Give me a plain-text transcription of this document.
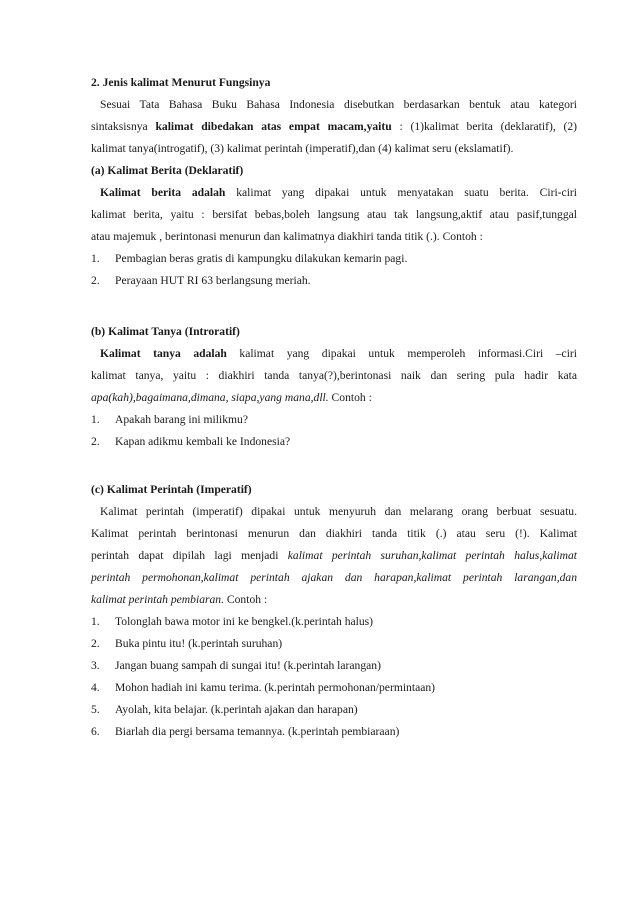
2. Jenis kalimat Menurut Fungsinya
Sesuai Tata Bahasa Buku Bahasa Indonesia disebutkan berdasarkan bentuk atau kategori
sintaksisnya kalimat dibedakan atas empat macam,yaitu : (1)kalimat berita (deklaratif), (2)
kalimat tanya(introgatif), (3) kalimat perintah (imperatif),dan (4) kalimat seru (ekslamatif).
(a) Kalimat Berita (Deklaratif)
Kalimat berita adalah kalimat yang dipakai untuk menyatakan suatu berita. Ciri-ciri
kalimat berita, yaitu : bersifat bebas,boleh langsung atau tak langsung,aktif atau pasif,tunggal
atau majemuk , berintonasi menurun dan kalimatnya diakhiri tanda titik (.). Contoh :
1. Pembagian beras gratis di kampungku dilakukan kemarin pagi.
2. Perayaan HUT RI 63 berlangsung meriah.
(b) Kalimat Tanya (Introratif)
Kalimat tanya adalah kalimat yang dipakai untuk memperoleh informasi.Ciri –ciri
kalimat tanya, yaitu : diakhiri tanda tanya(?),berintonasi naik dan sering pula hadir kata
apa(kah),bagaimana,dimana, siapa,yang mana,dll. Contoh :
1. Apakah barang ini milikmu?
2. Kapan adikmu kembali ke Indonesia?
(c) Kalimat Perintah (Imperatif)
Kalimat perintah (imperatif) dipakai untuk menyuruh dan melarang orang berbuat sesuatu.
Kalimat perintah berintonasi menurun dan diakhiri tanda titik (.) atau seru (!). Kalimat
perintah dapat dipilah lagi menjadi kalimat perintah suruhan,kalimat perintah halus,kalimat
perintah permohonan,kalimat perintah ajakan dan harapan,kalimat perintah larangan,dan
kalimat perintah pembiaran. Contoh :
1. Tolonglah bawa motor ini ke bengkel.(k.perintah halus)
2. Buka pintu itu! (k.perintah suruhan)
3. Jangan buang sampah di sungai itu! (k.perintah larangan)
4. Mohon hadiah ini kamu terima. (k.perintah permohonan/permintaan)
5. Ayolah, kita belajar. (k.perintah ajakan dan harapan)
6. Biarlah dia pergi bersama temannya. (k.perintah pembiaraan)
